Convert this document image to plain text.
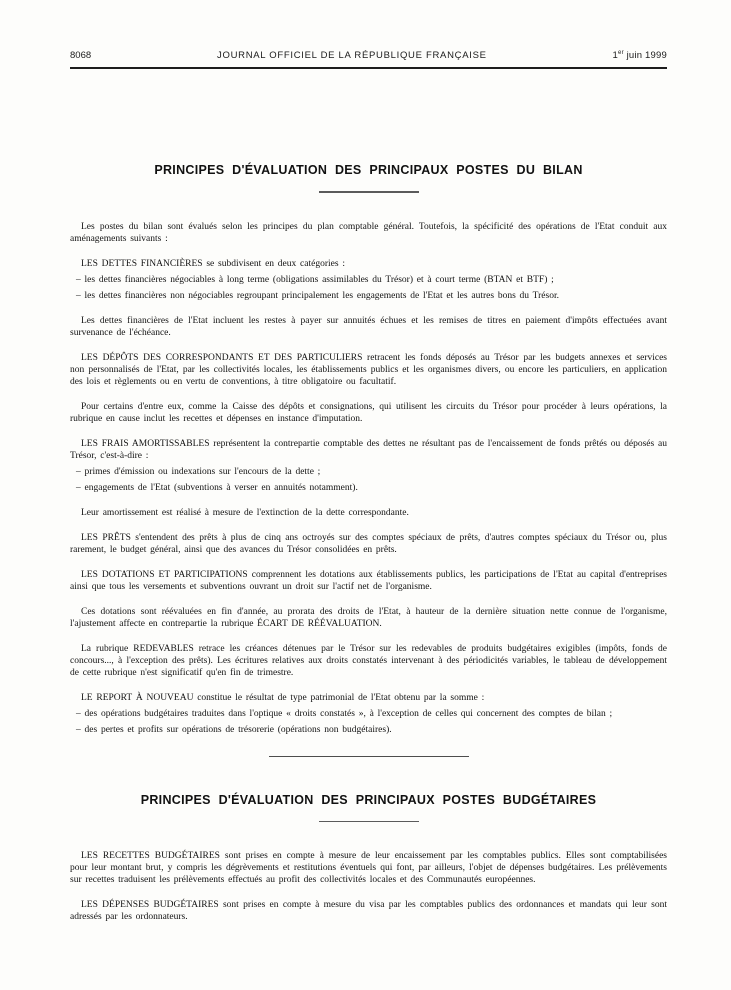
8068	JOURNAL OFFICIEL DE LA RÉPUBLIQUE FRANÇAISE	1er juin 1999
PRINCIPES D'ÉVALUATION DES PRINCIPAUX POSTES DU BILAN

Les postes du bilan sont évalués selon les principes du plan comptable général. Toutefois, la spécificité des opérations de l'Etat conduit aux aménagements suivants :

LES DETTES FINANCIÈRES se subdivisent en deux catégories :

– les dettes financières négociables à long terme (obligations assimilables du Trésor) et à court terme (BTAN et BTF) ;

– les dettes financières non négociables regroupant principalement les engagements de l'Etat et les autres bons du Trésor.

Les dettes financières de l'Etat incluent les restes à payer sur annuités échues et les remises de titres en paiement d'impôts effectuées avant survenance de l'échéance.

LES DÉPÔTS DES CORRESPONDANTS ET DES PARTICULIERS retracent les fonds déposés au Trésor par les budgets annexes et services non personnalisés de l'Etat, par les collectivités locales, les établissements publics et les organismes divers, ou encore les particuliers, en application des lois et règlements ou en vertu de conventions, à titre obligatoire ou facultatif.

Pour certains d'entre eux, comme la Caisse des dépôts et consignations, qui utilisent les circuits du Trésor pour procéder à leurs opérations, la rubrique en cause inclut les recettes et dépenses en instance d'imputation.

LES FRAIS AMORTISSABLES représentent la contrepartie comptable des dettes ne résultant pas de l'encaissement de fonds prêtés ou déposés au Trésor, c'est-à-dire :

– primes d'émission ou indexations sur l'encours de la dette ;

– engagements de l'Etat (subventions à verser en annuités notamment).

Leur amortissement est réalisé à mesure de l'extinction de la dette correspondante.

LES PRÊTS s'entendent des prêts à plus de cinq ans octroyés sur des comptes spéciaux de prêts, d'autres comptes spéciaux du Trésor ou, plus rarement, le budget général, ainsi que des avances du Trésor consolidées en prêts.

LES DOTATIONS ET PARTICIPATIONS comprennent les dotations aux établissements publics, les participations de l'Etat au capital d'entreprises ainsi que tous les versements et subventions ouvrant un droit sur l'actif net de l'organisme.

Ces dotations sont réévaluées en fin d'année, au prorata des droits de l'Etat, à hauteur de la dernière situation nette connue de l'organisme, l'ajustement affecte en contrepartie la rubrique ÉCART DE RÉÉVALUATION.

La rubrique REDEVABLES retrace les créances détenues par le Trésor sur les redevables de produits budgétaires exigibles (impôts, fonds de concours..., à l'exception des prêts). Les écritures relatives aux droits constatés intervenant à des périodicités variables, le tableau de développement de cette rubrique n'est significatif qu'en fin de trimestre.

LE REPORT À NOUVEAU constitue le résultat de type patrimonial de l'Etat obtenu par la somme :

– des opérations budgétaires traduites dans l'optique « droits constatés », à l'exception de celles qui concernent des comptes de bilan ;

– des pertes et profits sur opérations de trésorerie (opérations non budgétaires).

PRINCIPES D'ÉVALUATION DES PRINCIPAUX POSTES BUDGÉTAIRES

LES RECETTES BUDGÉTAIRES sont prises en compte à mesure de leur encaissement par les comptables publics. Elles sont comptabilisées pour leur montant brut, y compris les dégrèvements et restitutions éventuels qui font, par ailleurs, l'objet de dépenses budgétaires. Les prélèvements sur recettes traduisent les prélèvements effectués au profit des collectivités locales et des Communautés européennes.

LES DÉPENSES BUDGÉTAIRES sont prises en compte à mesure du visa par les comptables publics des ordonnances et mandats qui leur sont adressés par les ordonnateurs.
